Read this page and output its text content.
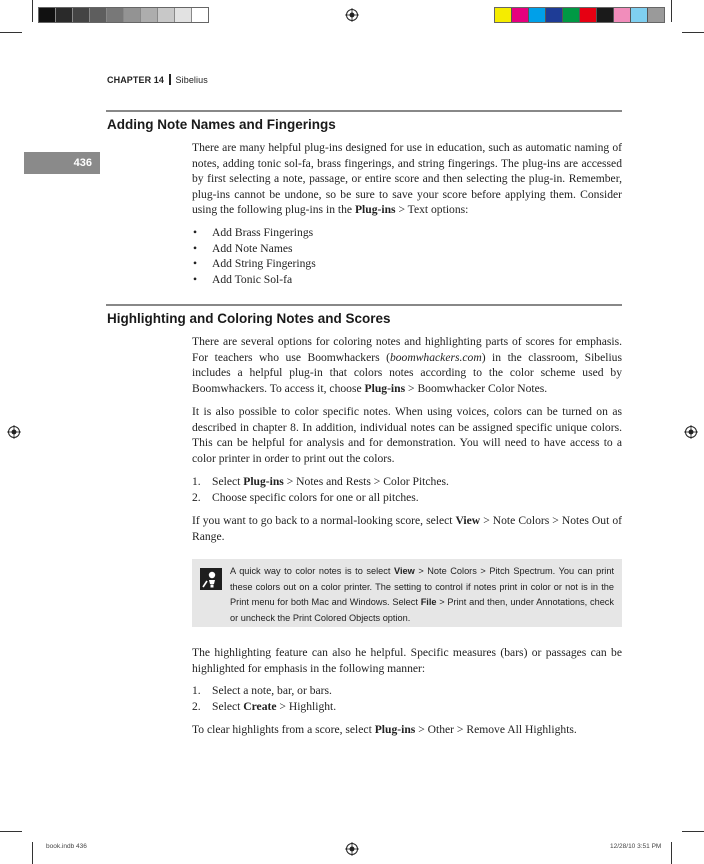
CHAPTER 14 Sibelius
436
Adding Note Names and Fingerings

There are many helpful plug-ins designed for use in education, such as automatic naming of notes, adding tonic sol-fa, brass fingerings, and string fingerings. The plug-ins are accessed by first selecting a note, passage, or entire score and then selecting the plug-in. Remember, plug-ins cannot be undone, so be sure to save your score before applying them. Consider using the following plug-ins in the Plug-ins > Text options:

• Add Brass Fingerings
• Add Note Names
• Add String Fingerings
• Add Tonic Sol-fa
Highlighting and Coloring Notes and Scores

There are several options for coloring notes and highlighting parts of scores for emphasis. For teachers who use Boomwhackers (boomwhackers.com) in the classroom, Sibelius includes a helpful plug-in that colors notes according to the color scheme used by Boomwhackers. To access it, choose Plug-ins > Boomwhacker Color Notes.

It is also possible to color specific notes. When using voices, colors can be turned on as described in chapter 8. In addition, individual notes can be assigned specific unique colors. This can be helpful for analysis and for demonstration. You will need to have access to a color printer in order to print out the colors.

1. Select Plug-ins > Notes and Rests > Color Pitches.
2. Choose specific colors for one or all pitches.

If you want to go back to a normal-looking score, select View > Note Colors > Notes Out of Range.

A quick way to color notes is to select View > Note Colors > Pitch Spectrum. You can print these colors out on a color printer. The setting to control if notes print in color or not is in the Print menu for both Mac and Windows. Select File > Print and then, under Annotations, check or uncheck the Print Colored Objects option.

The highlighting feature can also he helpful. Specific measures (bars) or passages can be highlighted for emphasis in the following manner:

1. Select a note, bar, or bars.
2. Select Create > Highlight.

To clear highlights from a score, select Plug-ins > Other > Remove All Highlights.

book.indb 436	12/28/10 3:51 PM
